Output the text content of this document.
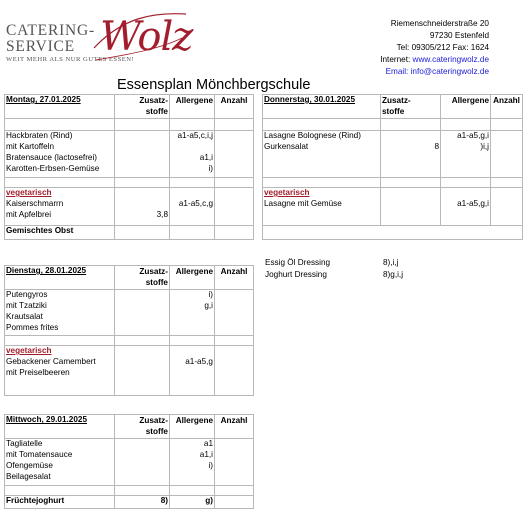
CATERING-
SERVICE
WEIT MEHR ALS NUR GUTES ESSEN!
Wolz	Riemenschneiderstraße 20
97230 Estenfeld
Tel: 09305/212 Fax: 1624
Internet: www.cateringwolz.de
Email: info@cateringwolz.de
Essensplan Mönchbergschule
Montag, 27.01.2025	Zusatz-
stoffe	Allergene	Anzahl

Hackbraten (Rind)
mit Kartoffeln
Bratensauce (lactosefrei)
Karotten-Erbsen-Gemüse		a1-a5,c,i,j
a1,i
i)	

vegetarisch
Kaiserschmarrn
mit Apfelbrei	3,8	a1-a5,c,g	

Gemischtes Obst			
Dienstag, 28.01.2025	Zusatz-
stoffe	Allergene	Anzahl

Putengyros
mit Tzatziki
Krautsalat
Pommes frites		i)
g,i	

vegetarisch
Gebackener Camembert
mit Preiselbeeren		a1-a5,g	

Mittwoch, 29.01.2025	Zusatz-
stoffe	Allergene	Anzahl

Tagliatelle
mit Tomatensauce
Ofengemüse
Beilagesalat		a1
a1,i
i)	

Früchtejoghurt	8)	g)	
Donnerstag, 30.01.2025	Zusatz-
stoffe	Allergene	Anzahl

Lasagne Bolognese (Rind)
Gurkensalat	8	a1-a5,g,i
)i,j	

vegetarisch
Lasagne mit Gemüse		a1-a5,g,i	

Essig Öl Dressing	8),i,j
Joghurt Dressing	8)g,i,j
